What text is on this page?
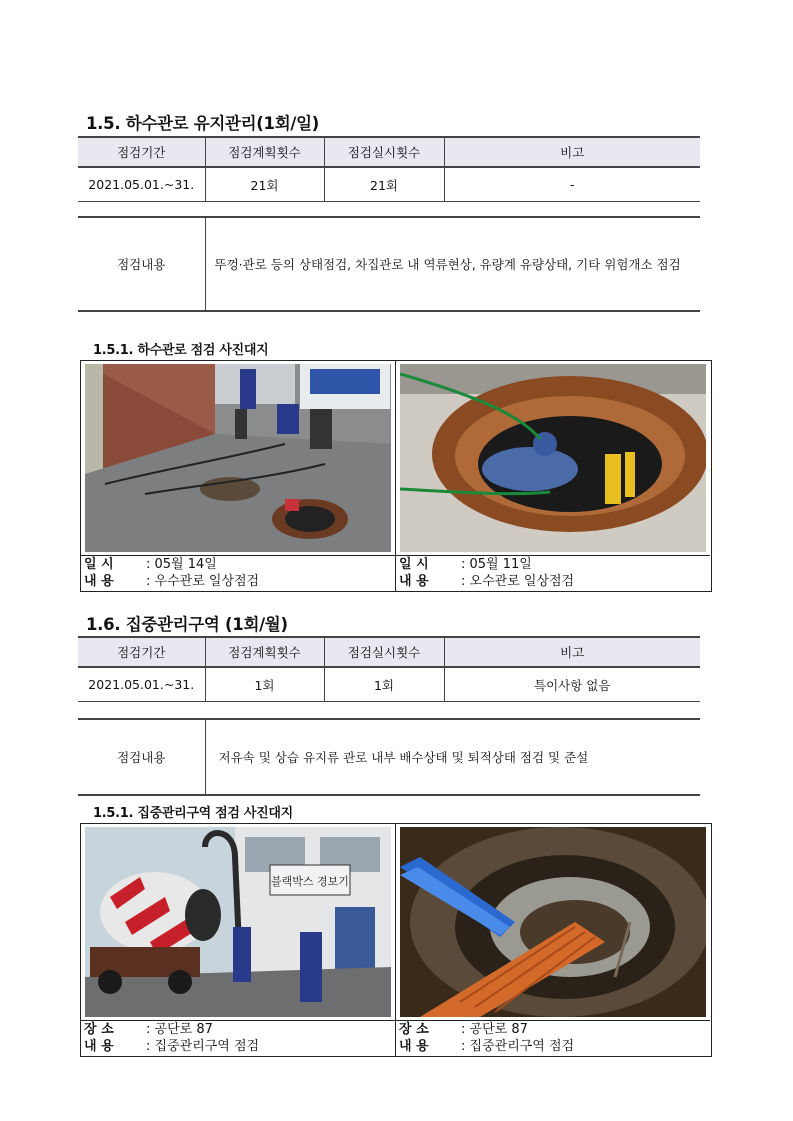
1.5. 하수관로 유지관리(1회/일)
점검기간	점검계획횟수	점검실시횟수	비고
2021.05.01.~31.	21회	21회	-
점검내용	뚜껑·관로 등의 상태점검, 차집관로 내 역류현상, 유량계 유량상태, 기타 위험개소 점검
1.5.1. 하수관로 점검 사진대지
일 시 : 05월 14일
내 용 : 우수관로 일상점검
일 시 : 05월 11일
내 용 : 오수관로 일상점검
1.6. 집중관리구역 (1회/월)
점검기간	점검계획횟수	점검실시횟수	비고
2021.05.01.~31.	1회	1회	특이사항 없음
점검내용	저유속 및 상습 유지류 관로 내부 배수상태 및 퇴적상태 점검 및 준설
1.5.1. 집중관리구역 점검 사진대지
블랙박스 경보기
장 소 : 공단로 87
내 용 : 집중관리구역 점검
장 소 : 공단로 87
내 용 : 집중관리구역 점검
